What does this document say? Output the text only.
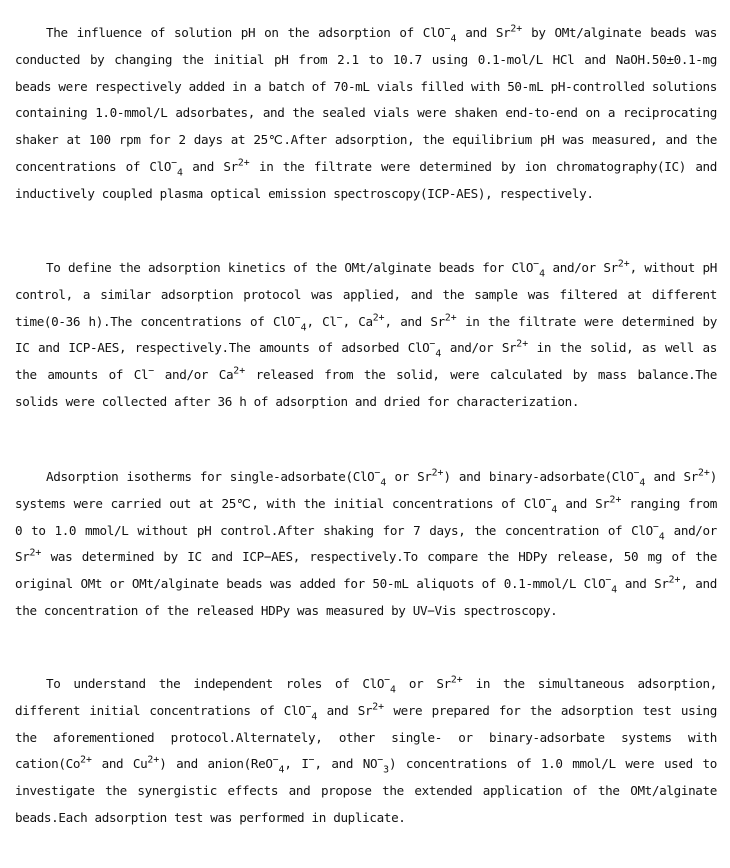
The influence of solution pH on the adsorption of ClO−$_4$ and $Sr^{2+}$ by OMt/alginate beads was conducted by changing the initial pH from 2.1 to 10.7 using 0.1-mol/L HCl and NaOH.50±0.1-mg beads were respectively added in a batch of 70-mL vials filled with 50-mL pH-controlled solutions containing 1.0-mmol/L adsorbates, and the sealed vials were shaken end-to-end on a reciprocating shaker at 100 rpm for 2 days at 25℃.After adsorption, the equilibrium pH was measured, and the concentrations of ClO−$_4$ and $Sr^{2+}$ in the filtrate were determined by ion chromatography(IC) and inductively coupled plasma optical emission spectroscopy(ICP-AES), respectively.

To define the adsorption kinetics of the OMt/alginate beads for ClO−$_4$ and/or $Sr^{2+}$, without pH control, a similar adsorption protocol was applied, and the sample was filtered at different time(0-36 h).The concentrations of ClO−$_4$, Cl−, $Ca^{2+}$, and $Sr^{2+}$ in the filtrate were determined by IC and ICP-AES, respectively.The amounts of adsorbed ClO−$_4$ and/or $Sr^{2+}$ in the solid, as well as the amounts of Cl− and/or $Ca^{2+}$ released from the solid, were calculated by mass balance.The solids were collected after 36 h of adsorption and dried for characterization.

Adsorption isotherms for single-adsorbate(ClO−$_4$ or $Sr^{2+}$) and binary-adsorbate(ClO−$_4$ and $Sr^{2+}$) systems were carried out at 25℃, with the initial concentrations of ClO−$_4$ and $Sr^{2+}$ ranging from 0 to 1.0 mmol/L without pH control.After shaking for 7 days, the concentration of ClO−$_4$ and/or $Sr^{2+}$ was determined by IC and ICP−AES, respectively.To compare the HDPy release, 50 mg of the original OMt or OMt/alginate beads was added for 50-mL aliquots of 0.1-mmol/L ClO−$_4$ and $Sr^{2+}$, and the concentration of the released HDPy was measured by UV−Vis spectroscopy.

To understand the independent roles of ClO−$_4$ or $Sr^{2+}$ in the simultaneous adsorption, different initial concentrations of ClO−$_4$ and $Sr^{2+}$ were prepared for the adsorption test using the aforementioned protocol.Alternately, other single- or binary-adsorbate systems with $cation(Co^{2+}$ and $Cu^{2+}$) and anion(ReO−$_4$, I−, and $NO^-_3$) concentrations of 1.0 mmol/L were used to investigate the synergistic effects and propose the extended application of the OMt/alginate beads.Each adsorption test was performed in duplicate.
